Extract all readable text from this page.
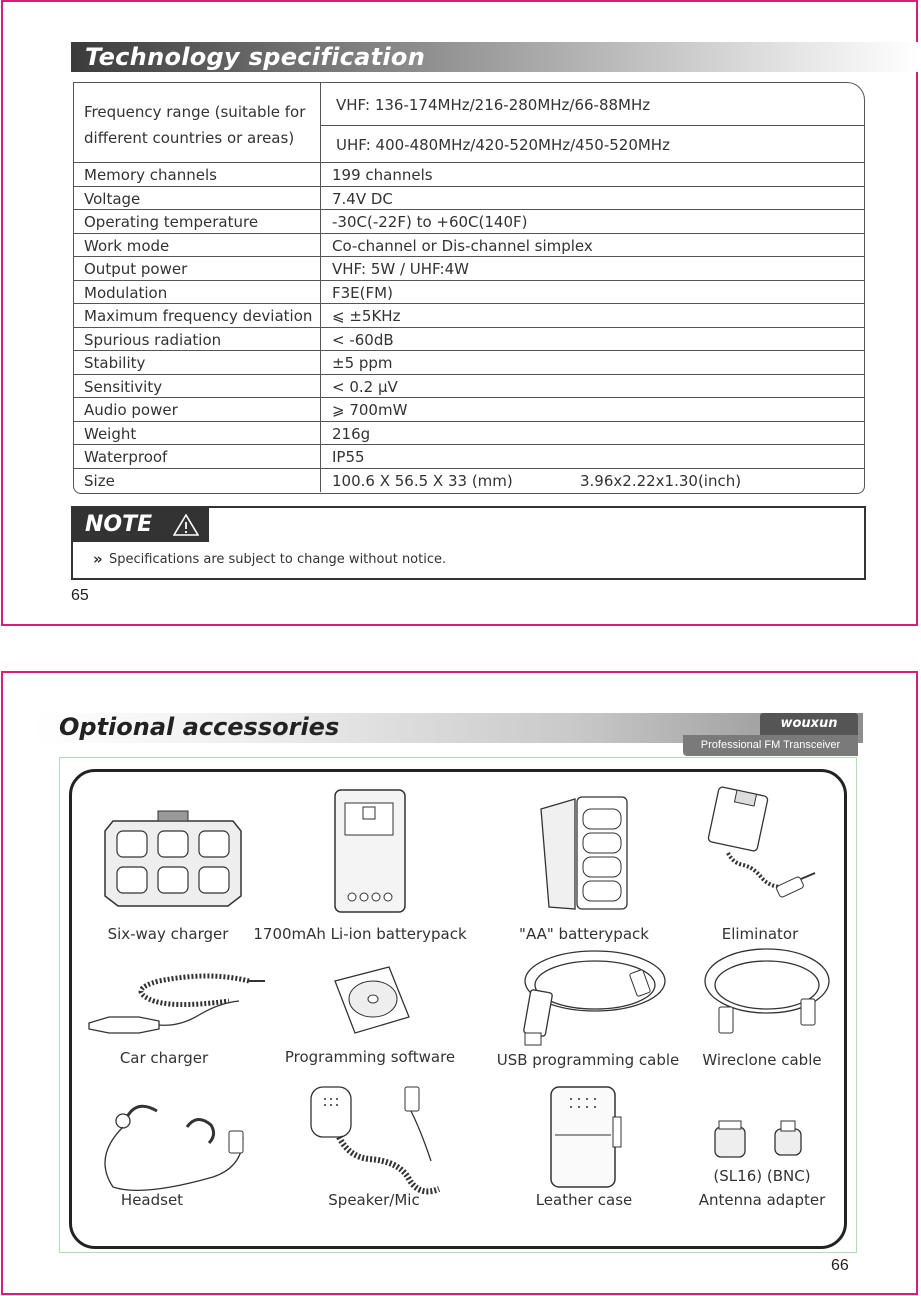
Technology specification
Frequency range (suitable for
different countries or areas)
VHF: 136-174MHz/216-280MHz/66-88MHz
UHF: 400-480MHz/420-520MHz/450-520MHz
Memory channels	199 channels
Voltage	7.4V DC
Operating temperature	-30C(-22F) to +60C(140F)
Work mode	Co-channel or Dis-channel simplex
Output power	VHF: 5W / UHF:4W
Modulation	F3E(FM)
Maximum frequency deviation ⩽ ±5KHz
Spurious radiation	< -60dB
Stability	±5 ppm
Sensitivity	< 0.2 μV
Audio power	⩾ 700mW
Weight	216g
Waterproof	IP55
Size	100.6 X 56.5 X 33 (mm)	3.96x2.22x1.30(inch)
NOTE
» Specifications are subject to change without notice.
65
Optional accessories	wouxun
Professional FM Transceiver
Six-way charger	1700mAh Li-ion batterypack	"AA" batterypack	Eliminator
Car charger	Programming software	USB programming cable	Wireclone cable
Headset	Speaker/Mic	Leather case
(SL16) (BNC)
Antenna adapter
66
